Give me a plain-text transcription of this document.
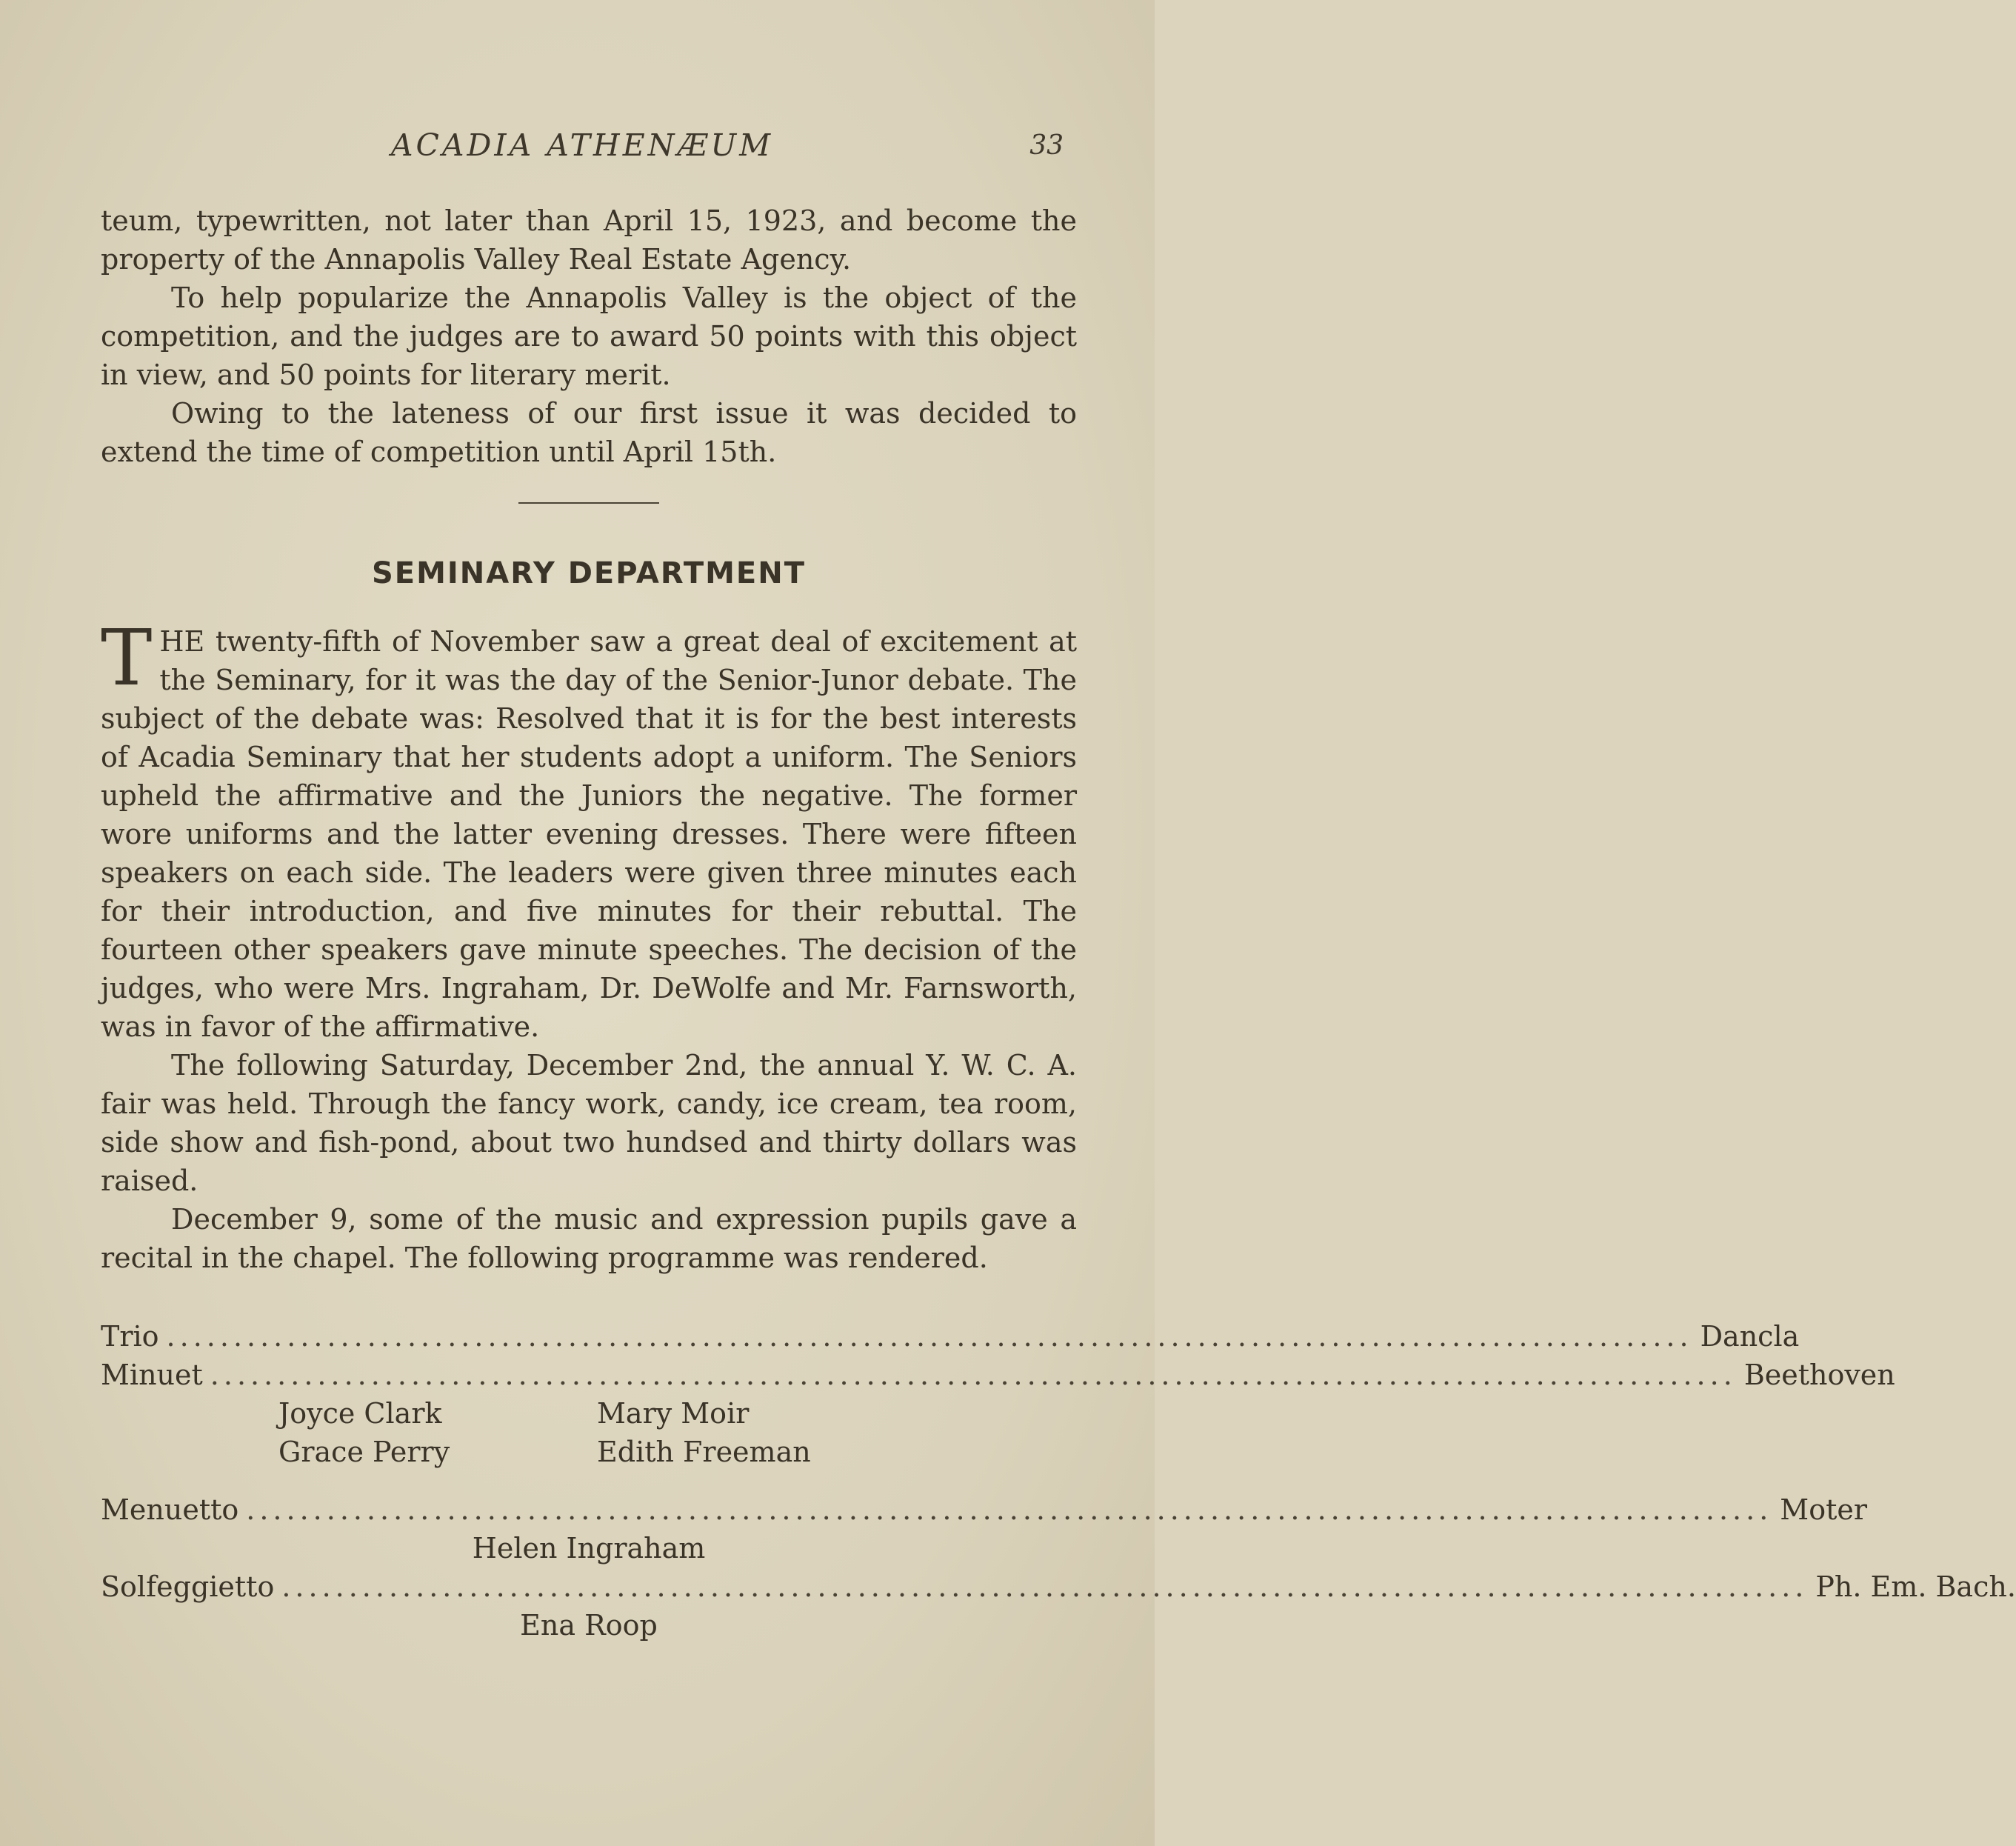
ACADIA ATHENÆUM	33

teum, typewritten, not later than April 15, 1923, and become the property of the Annapolis Valley Real Estate Agency.

To help popularize the Annapolis Valley is the object of the competition, and the judges are to award 50 points with this object in view, and 50 points for literary merit.

Owing to the lateness of our first issue it was decided to extend the time of competition until April 15th.

SEMINARY DEPARTMENT

THE twenty-fifth of November saw a great deal of excitement at the Seminary, for it was the day of the Senior-Junor debate. The subject of the debate was: Resolved that it is for the best interests of Acadia Seminary that her students adopt a uniform. The Seniors upheld the affirmative and the Juniors the negative. The former wore uniforms and the latter evening dresses. There were fifteen speakers on each side. The leaders were given three minutes each for their introduction, and five minutes for their rebuttal. The fourteen other speakers gave minute speeches. The decision of the judges, who were Mrs. Ingraham, Dr. DeWolfe and Mr. Farnsworth, was in favor of the affirmative.

The following Saturday, December 2nd, the annual Y. W. C. A. fair was held. Through the fancy work, candy, ice cream, tea room, side show and fish-pond, about two hundsed and thirty dollars was raised.

December 9, some of the music and expression pupils gave a recital in the chapel. The following programme was rendered.

Trio .................................................................................................................. Dancla
Minuet .................................................................................................................. Beethoven
Joyce Clark	Mary Moir
Grace Perry	Edith Freeman
Menuetto .................................................................................................................. Moter
Helen Ingraham
Solfeggietto .................................................................................................................. Ph. Em. Bach.
Ena Roop
